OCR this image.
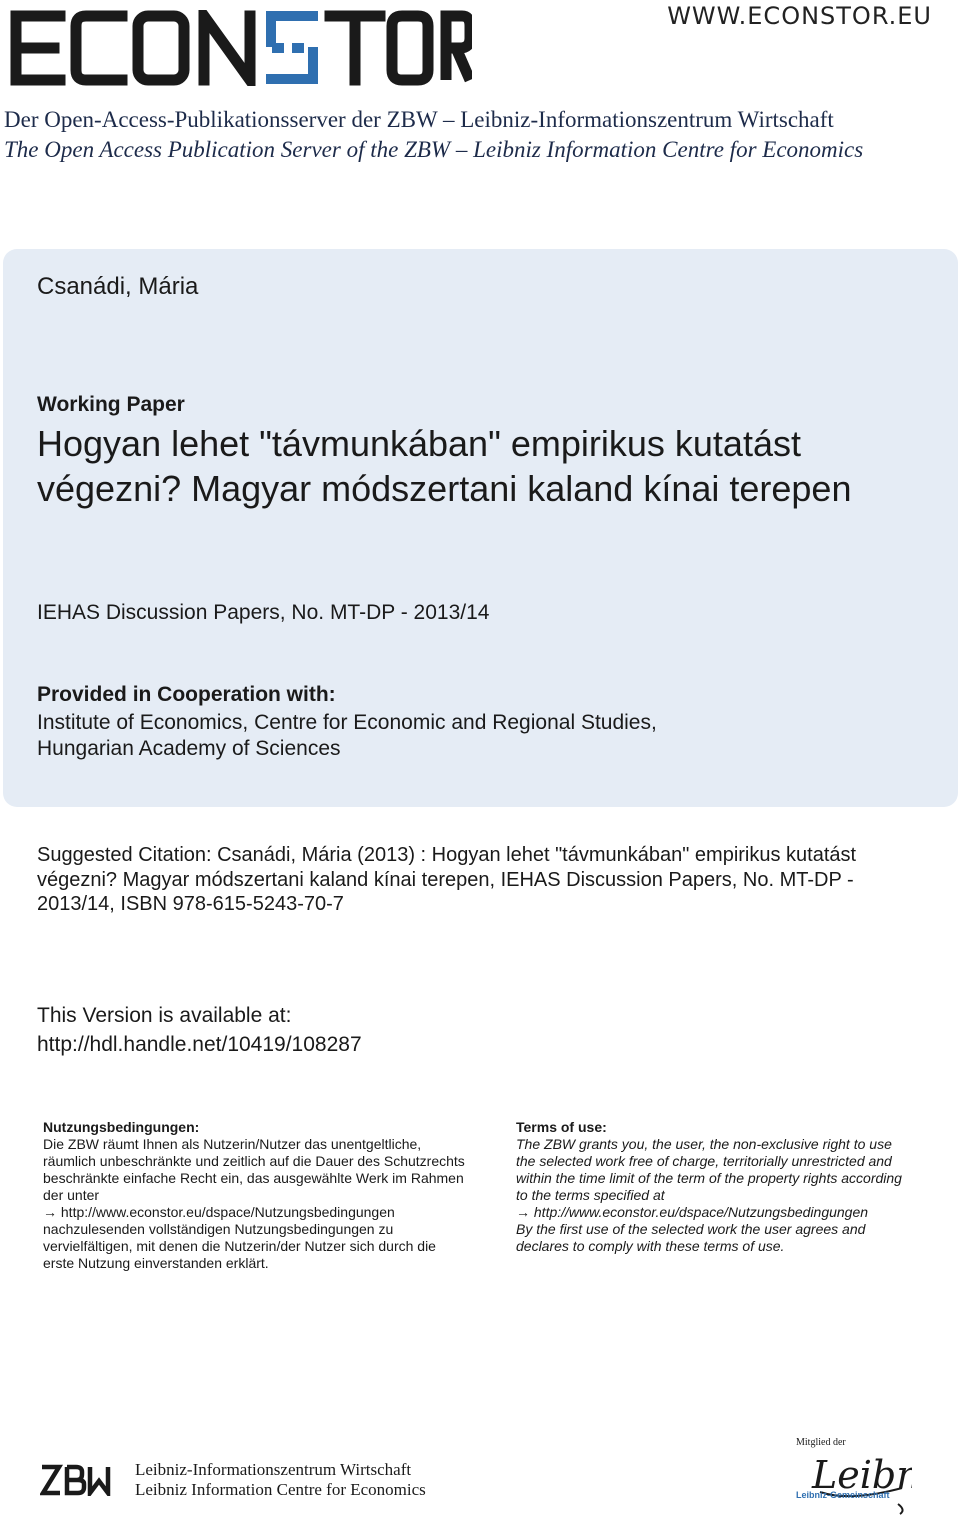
WWW.ECONSTOR.EU
Der Open-Access-Publikationsserver der ZBW – Leibniz-Informationszentrum Wirtschaft
The Open Access Publication Server of the ZBW – Leibniz Information Centre for Economics
Csanádi, Mária
Working Paper
Hogyan lehet "távmunkában" empirikus kutatást
végezni? Magyar módszertani kaland kínai terepen
IEHAS Discussion Papers, No. MT-DP - 2013/14
Provided in Cooperation with:
Institute of Economics, Centre for Economic and Regional Studies,
Hungarian Academy of Sciences
Suggested Citation: Csanádi, Mária (2013) : Hogyan lehet "távmunkában" empirikus kutatást
végezni? Magyar módszertani kaland kínai terepen, IEHAS Discussion Papers, No. MT-DP -
2013/14, ISBN 978-615-5243-70-7
This Version is available at:
http://hdl.handle.net/10419/108287
Nutzungsbedingungen:
Die ZBW räumt Ihnen als Nutzerin/Nutzer das unentgeltliche,
räumlich unbeschränkte und zeitlich auf die Dauer des Schutzrechts
beschränkte einfache Recht ein, das ausgewählte Werk im Rahmen
der unter
→ http://www.econstor.eu/dspace/Nutzungsbedingungen
nachzulesenden vollständigen Nutzungsbedingungen zu
vervielfältigen, mit denen die Nutzerin/der Nutzer sich durch die
erste Nutzung einverstanden erklärt.
Terms of use:
The ZBW grants you, the user, the non-exclusive right to use
the selected work free of charge, territorially unrestricted and
within the time limit of the term of the property rights according
to the terms specified at
→ http://www.econstor.eu/dspace/Nutzungsbedingungen
By the first use of the selected work the user agrees and
declares to comply with these terms of use.
Leibniz-Informationszentrum Wirtschaft
Leibniz Information Centre for Economics
Mitglied der
Leib
Leibniz-Gemeinschaft
